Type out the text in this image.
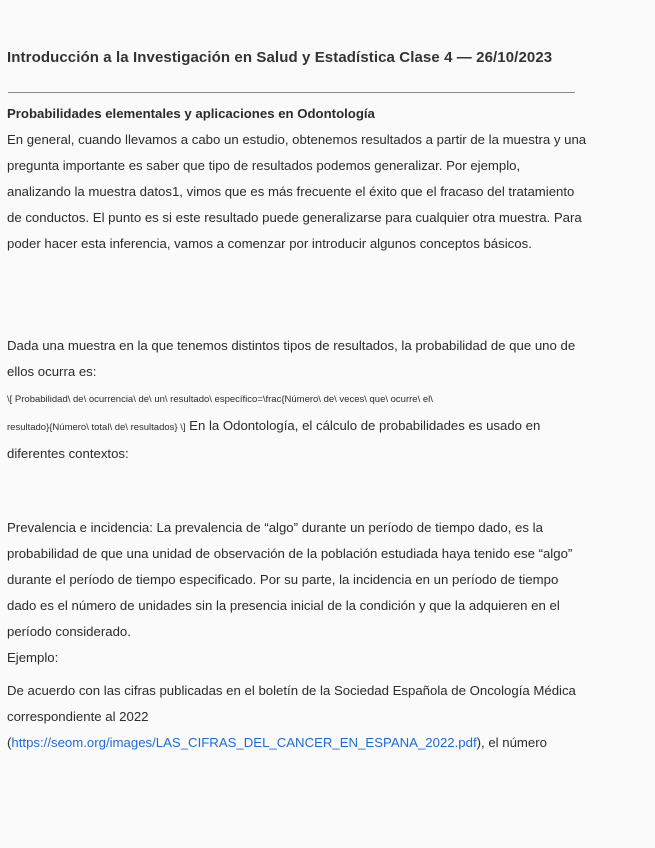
Introducción a la Investigación en Salud y Estadística Clase 4 — 26/10/2023

Probabilidades elementales y aplicaciones en Odontología

En general, cuando llevamos a cabo un estudio, obtenemos resultados a partir de la muestra y una pregunta importante es saber que tipo de resultados podemos generalizar. Por ejemplo, analizando la muestra datos1, vimos que es más frecuente el éxito que el fracaso del tratamiento de conductos. El punto es si este resultado puede generalizarse para cualquier otra muestra. Para poder hacer esta inferencia, vamos a comenzar por introducir algunos conceptos básicos.

Dada una muestra en la que tenemos distintos tipos de resultados, la probabilidad de que uno de ellos ocurra es:

\[ Probabilidad\ de\ ocurrencia\ de\ un\ resultado\ específico=\frac{Número\ de\ veces\ que\ ocurre\ el\
resultado}{Número\ total\ de\ resultados} \] En la Odontología, el cálculo de probabilidades es usado en diferentes contextos:

Prevalencia e incidencia: La prevalencia de “algo” durante un período de tiempo dado, es la probabilidad de que una unidad de observación de la población estudiada haya tenido ese “algo” durante el período de tiempo especificado. Por su parte, la incidencia en un período de tiempo dado es el número de unidades sin la presencia inicial de la condición y que la adquieren en el período considerado.

Ejemplo:

De acuerdo con las cifras publicadas en el boletín de la Sociedad Española de Oncología Médica correspondiente al 2022
(https://seom.org/images/LAS_CIFRAS_DEL_CANCER_EN_ESPANA_2022.pdf), el número
